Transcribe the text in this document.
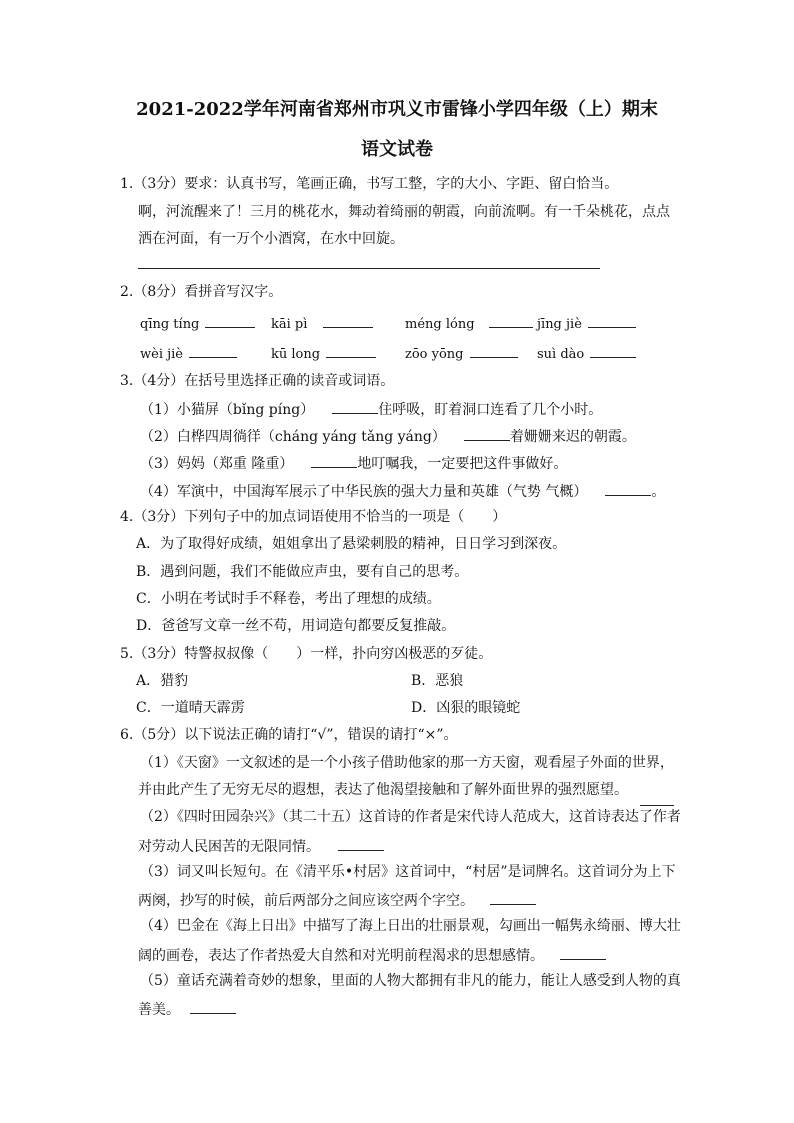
2021-2022学年河南省郑州市巩义市雷锋小学四年级（上）期末
语文试卷
1.（3分）要求：认真书写，笔画正确，书写工整，字的大小、字距、留白恰当。
啊，河流醒来了！三月的桃花水，舞动着绮丽的朝霞，向前流啊。有一千朵桃花，点点
洒在河面，有一万个小酒窝，在水中回旋。
2.（8分）看拼音写汉字。
qīng tíng	kāi pì	méng lóng	jīng jiè
wèi jiè	kū long	zōo yōng	suì dào
3.（4分）在括号里选择正确的读音或词语。
（1）小猫屏（bǐng píng）	住呼吸，盯着洞口连看了几个小时。
（2）白桦四周徜徉（cháng yáng tǎng yáng）	着姗姗来迟的朝霞。
（3）妈妈（郑重 隆重）	地叮嘱我，一定要把这件事做好。
（4）军演中，中国海军展示了中华民族的强大力量和英雄（气势 气概）	。
4.（3分）下列句子中的加点词语使用不恰当的一项是（　　）
A．为了取得好成绩，姐姐拿出了悬梁刺股的精神，日日学习到深夜。
B．遇到问题，我们不能做应声虫，要有自己的思考。
C．小明在考试时手不释卷，考出了理想的成绩。
D．爸爸写文章一丝不苟，用词造句都要反复推敲。
5.（3分）特警叔叔像（　　）一样，扑向穷凶极恶的歹徒。
A．猎豹	B．恶狼
C．一道晴天霹雳	D．凶狠的眼镜蛇
6.（5分）以下说法正确的请打“√”，错误的请打“×”。
（1）《天窗》一文叙述的是一个小孩子借助他家的那一方天窗，观看屋子外面的世界，
并由此产生了无穷无尽的遐想，表达了他渴望接触和了解外面世界的强烈愿望。
（2）《四时田园杂兴》（其二十五）这首诗的作者是宋代诗人范成大，这首诗表达了作者
对劳动人民困苦的无限同情。
（3）词又叫长短句。在《清平乐•村居》这首词中，“村居”是词牌名。这首词分为上下
两阕，抄写的时候，前后两部分之间应该空两个字空。
（4）巴金在《海上日出》中描写了海上日出的壮丽景观，勾画出一幅隽永绮丽、博大壮
阔的画卷，表达了作者热爱大自然和对光明前程渴求的思想感情。
（5）童话充满着奇妙的想象，里面的人物大都拥有非凡的能力，能让人感受到人物的真
善美。
